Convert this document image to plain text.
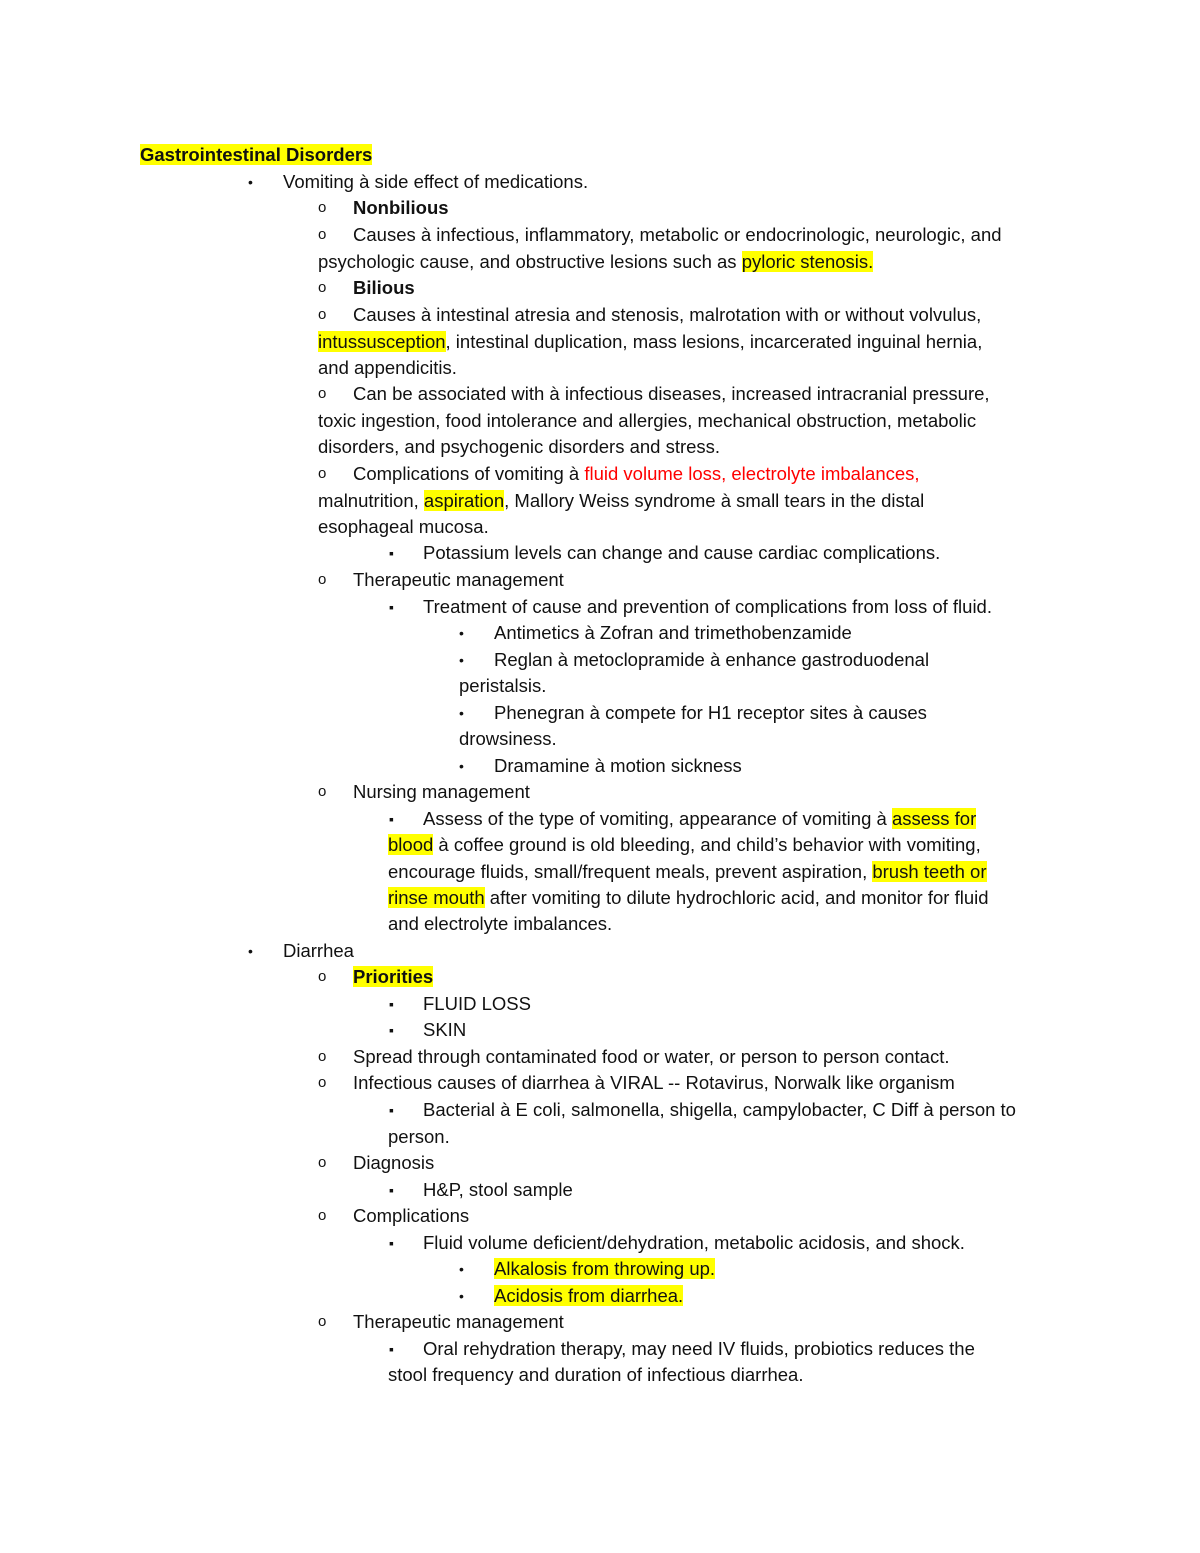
Gastrointestinal Disorders
• Vomiting à side effect of medications.
o Nonbilious
o Causes à infectious, inflammatory, metabolic or endocrinologic, neurologic, and
psychologic cause, and obstructive lesions such as pyloric stenosis.
o Bilious
o Causes à intestinal atresia and stenosis, malrotation with or without volvulus,
intussusception, intestinal duplication, mass lesions, incarcerated inguinal hernia,
and appendicitis.
o Can be associated with à infectious diseases, increased intracranial pressure,
toxic ingestion, food intolerance and allergies, mechanical obstruction, metabolic
disorders, and psychogenic disorders and stress.
o Complications of vomiting à fluid volume loss, electrolyte imbalances,
malnutrition, aspiration, Mallory Weiss syndrome à small tears in the distal
esophageal mucosa.
▪ Potassium levels can change and cause cardiac complications.
o Therapeutic management
▪ Treatment of cause and prevention of complications from loss of fluid.
• Antimetics à Zofran and trimethobenzamide
• Reglan à metoclopramide à enhance gastroduodenal
peristalsis.
• Phenegran à compete for H1 receptor sites à causes
drowsiness.
• Dramamine à motion sickness
o Nursing management
▪ Assess of the type of vomiting, appearance of vomiting à assess for
blood à coffee ground is old bleeding, and child’s behavior with vomiting,
encourage fluids, small/frequent meals, prevent aspiration, brush teeth or
rinse mouth after vomiting to dilute hydrochloric acid, and monitor for fluid
and electrolyte imbalances.
• Diarrhea
o Priorities
▪ FLUID LOSS
▪ SKIN
o Spread through contaminated food or water, or person to person contact.
o Infectious causes of diarrhea à VIRAL -- Rotavirus, Norwalk like organism
▪ Bacterial à E coli, salmonella, shigella, campylobacter, C Diff à person to
person.
o Diagnosis
▪ H&P, stool sample
o Complications
▪ Fluid volume deficient/dehydration, metabolic acidosis, and shock.
• Alkalosis from throwing up.
• Acidosis from diarrhea.
o Therapeutic management
▪ Oral rehydration therapy, may need IV fluids, probiotics reduces the
stool frequency and duration of infectious diarrhea.
